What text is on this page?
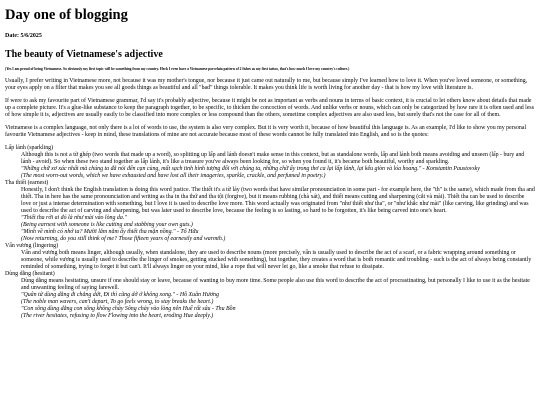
Day one of blogging
Date: 5/6/2025
The beauty of Vietnamese's adjective
(Yes I am proud of being Vietnamese. So obviously my first topic will be something from my country. Heck I even have a Vietnamese porcelain pattern of 2 fishes as my first tattoo, that's how much I love my country's culture.)

Usually, I prefer writing in Vietnamese more, not because it was my mother's tongue, nor because it just came out naturally to me, but because simply I've learned how to love it. When you've loved someone, or something, your eyes apply on a filter that makes you see all goods things as beautiful and all "bad" things tolerable. It makes you think life is worth living for another day - that is how my love with literature is.

If were to ask my favourite part of Vietnamese grammar, I'd say it's probably adjective, because it might be not as important as verbs and nouns in terms of basic context, it is crucial to let others know about details that made up a complete picture. It's a glue-like substance to keep the paragraph together, to be specific, to thicken the concoction of words. And unlike verbs or nouns, which can only be categorized by how rare it is often used and less of how simple it is, adjectives are usually easily to be classified into more complex or less compound than the others, sometime complex adjectives are also used less, but surely that's not the case for all of them.

Vietnamese is a complex language, not only there is a lot of words to use, the system is also very complex. But it is very worth it, because of how beautiful this language is. As an example, I'd like to show you my personal favourite Vietnamese adjectives - keep in mind, these translations of mine are not accurate because most of these words cannot be fully translated into English, and so is the quotes:

Lấp lánh (sparkling)
Although this is not a từ ghép (two words that made up a word), so splitting up lấp and lánh doesn't make sense in this context, but as standalone words, lấp and lánh both means avoiding and unseen (lấp - bury and lánh - avoid). So when these two stand together as lấp lánh, it's like a treasure you've always been looking for, so when you found it, it's became both beautiful, worthy and sparkling.
"Những chữ xơ xác nhất mà chúng ta đã nói đến cạn cùng, mất sạch tinh hình tượng đối với chúng ta, những chữ ấy trong thơ ca lại lấp lánh, lại kêu giòn và lóa hoang." - Konstantin Paustovsky
(The most worn-out words, which we have exhausted and have lost all their imageries, sparkle, crackle, and perfumed in poetry.)
Tha thiết (earnest)
Honestly, I don't think the English translation is doing this word justice. The thiết it's a từ láy (two words that have similar pronounciation in some part - for example here, the "th" is the same), which made from tha and thiết. Tha in here has the same pronounciation and writing as tha in tha thứ and tha tội (forgive), but it means rubbing (chà xát), and thiết means cutting and sharpening (cắt và mài). Thiết tha can be used to describe love or just a intense determination with something, but I love it is used to describe love more. This word actually was originated from "như thiết như tha", or "như khắc như mài" (like carving, like grinding) and was used to describe the act of carving and sharpening, but was later used to describe love, because the feeling is so lasting, so hard to be forgotten, it's like being carved into one's heart.
"Thiết tha rời ai đó là như mài vào lòng da."
(Being earnest with someone is like cutting and stabbing your own guts.)
"Mình về mình có nhớ ta? Mười lăm năm ấy thiết tha mặn nồng." - Tố Hữu
(Now returning, do you still think of me? Those fifteen years of earnestly and warmth.)
Vấn vương (lingering)
Vấn and vương both means linger, although usually, when standalone, they are used to describe nouns (more precisely, vấn is usually used to describe the act of a scarf, or a fabric wrapping around something or someone, while vương is usually used to describe the linger of smokes, getting stucked with something), but together, they creates a word that is both romantic and troubling - such is the act of always being constantly reminded of something, trying to forget it but can't. It'll always linger on your mind, like a rope that will never let go, like a smoke that refuse to dissipate.
Dùng dằng (hesitant)
Dùng dằng means hesitating, unsure if one should stay or leave, because of wanting to buy more time. Some people also use this word to describe the act of procrastinating, but personally I like to use it as the hesitate and unwanting feeling of saying farewell.
"Quân tử dùng dằng đi chẳng dứt, Đi thì cũng dở ở không xong." - Hồ Xuân Hương
(The noble man wavers, can't depart, To go feels wrong, to stay breaks the heart.)
"Con sông dùng dằng con sông không chảy Sông chảy vào lòng nên Huế rất sâu - Thu Bồn
(The river hesitates, refusing to flow Flowing into the heart, eroding Hue deeply.)
